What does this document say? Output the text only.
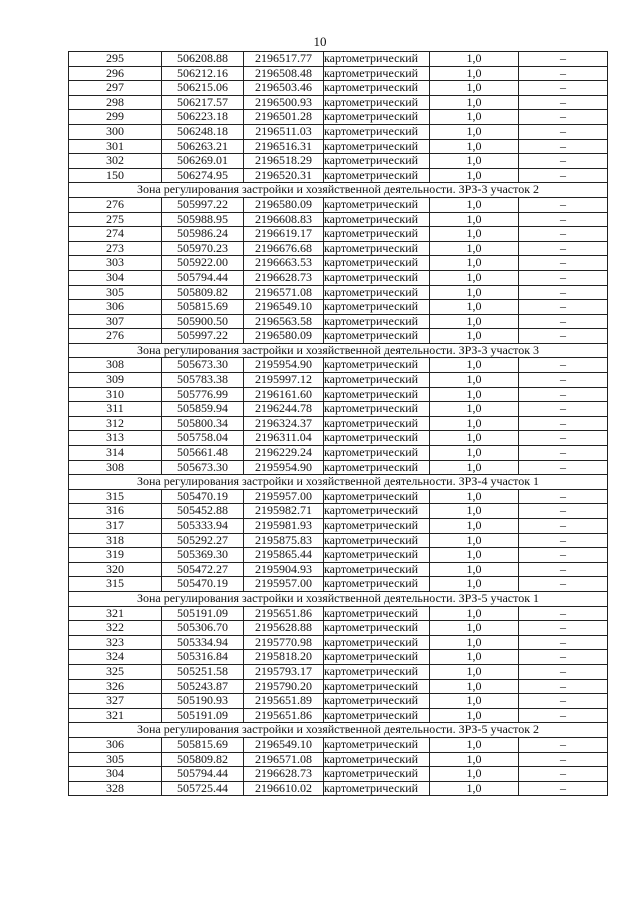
10
295	506208.88	2196517.77	картометрический	1,0	–
296	506212.16	2196508.48	картометрический	1,0	–
297	506215.06	2196503.46	картометрический	1,0	–
298	506217.57	2196500.93	картометрический	1,0	–
299	506223.18	2196501.28	картометрический	1,0	–
300	506248.18	2196511.03	картометрический	1,0	–
301	506263.21	2196516.31	картометрический	1,0	–
302	506269.01	2196518.29	картометрический	1,0	–
150	506274.95	2196520.31	картометрический	1,0	–
Зона регулирования застройки и хозяйственной деятельности. ЗРЗ-3 участок 2					
276	505997.22	2196580.09	картометрический	1,0	–
275	505988.95	2196608.83	картометрический	1,0	–
274	505986.24	2196619.17	картометрический	1,0	–
273	505970.23	2196676.68	картометрический	1,0	–
303	505922.00	2196663.53	картометрический	1,0	–
304	505794.44	2196628.73	картометрический	1,0	–
305	505809.82	2196571.08	картометрический	1,0	–
306	505815.69	2196549.10	картометрический	1,0	–
307	505900.50	2196563.58	картометрический	1,0	–
276	505997.22	2196580.09	картометрический	1,0	–
Зона регулирования застройки и хозяйственной деятельности. ЗРЗ-3 участок 3					
308	505673.30	2195954.90	картометрический	1,0	–
309	505783.38	2195997.12	картометрический	1,0	–
310	505776.99	2196161.60	картометрический	1,0	–
311	505859.94	2196244.78	картометрический	1,0	–
312	505800.34	2196324.37	картометрический	1,0	–
313	505758.04	2196311.04	картометрический	1,0	–
314	505661.48	2196229.24	картометрический	1,0	–
308	505673.30	2195954.90	картометрический	1,0	–
Зона регулирования застройки и хозяйственной деятельности. ЗРЗ-4 участок 1					
315	505470.19	2195957.00	картометрический	1,0	–
316	505452.88	2195982.71	картометрический	1,0	–
317	505333.94	2195981.93	картометрический	1,0	–
318	505292.27	2195875.83	картометрический	1,0	–
319	505369.30	2195865.44	картометрический	1,0	–
320	505472.27	2195904.93	картометрический	1,0	–
315	505470.19	2195957.00	картометрический	1,0	–
Зона регулирования застройки и хозяйственной деятельности. ЗРЗ-5 участок 1					
321	505191.09	2195651.86	картометрический	1,0	–
322	505306.70	2195628.88	картометрический	1,0	–
323	505334.94	2195770.98	картометрический	1,0	–
324	505316.84	2195818.20	картометрический	1,0	–
325	505251.58	2195793.17	картометрический	1,0	–
326	505243.87	2195790.20	картометрический	1,0	–
327	505190.93	2195651.89	картометрический	1,0	–
321	505191.09	2195651.86	картометрический	1,0	–
Зона регулирования застройки и хозяйственной деятельности. ЗРЗ-5 участок 2					
306	505815.69	2196549.10	картометрический	1,0	–
305	505809.82	2196571.08	картометрический	1,0	–
304	505794.44	2196628.73	картометрический	1,0	–
328	505725.44	2196610.02	картометрический	1,0	–
